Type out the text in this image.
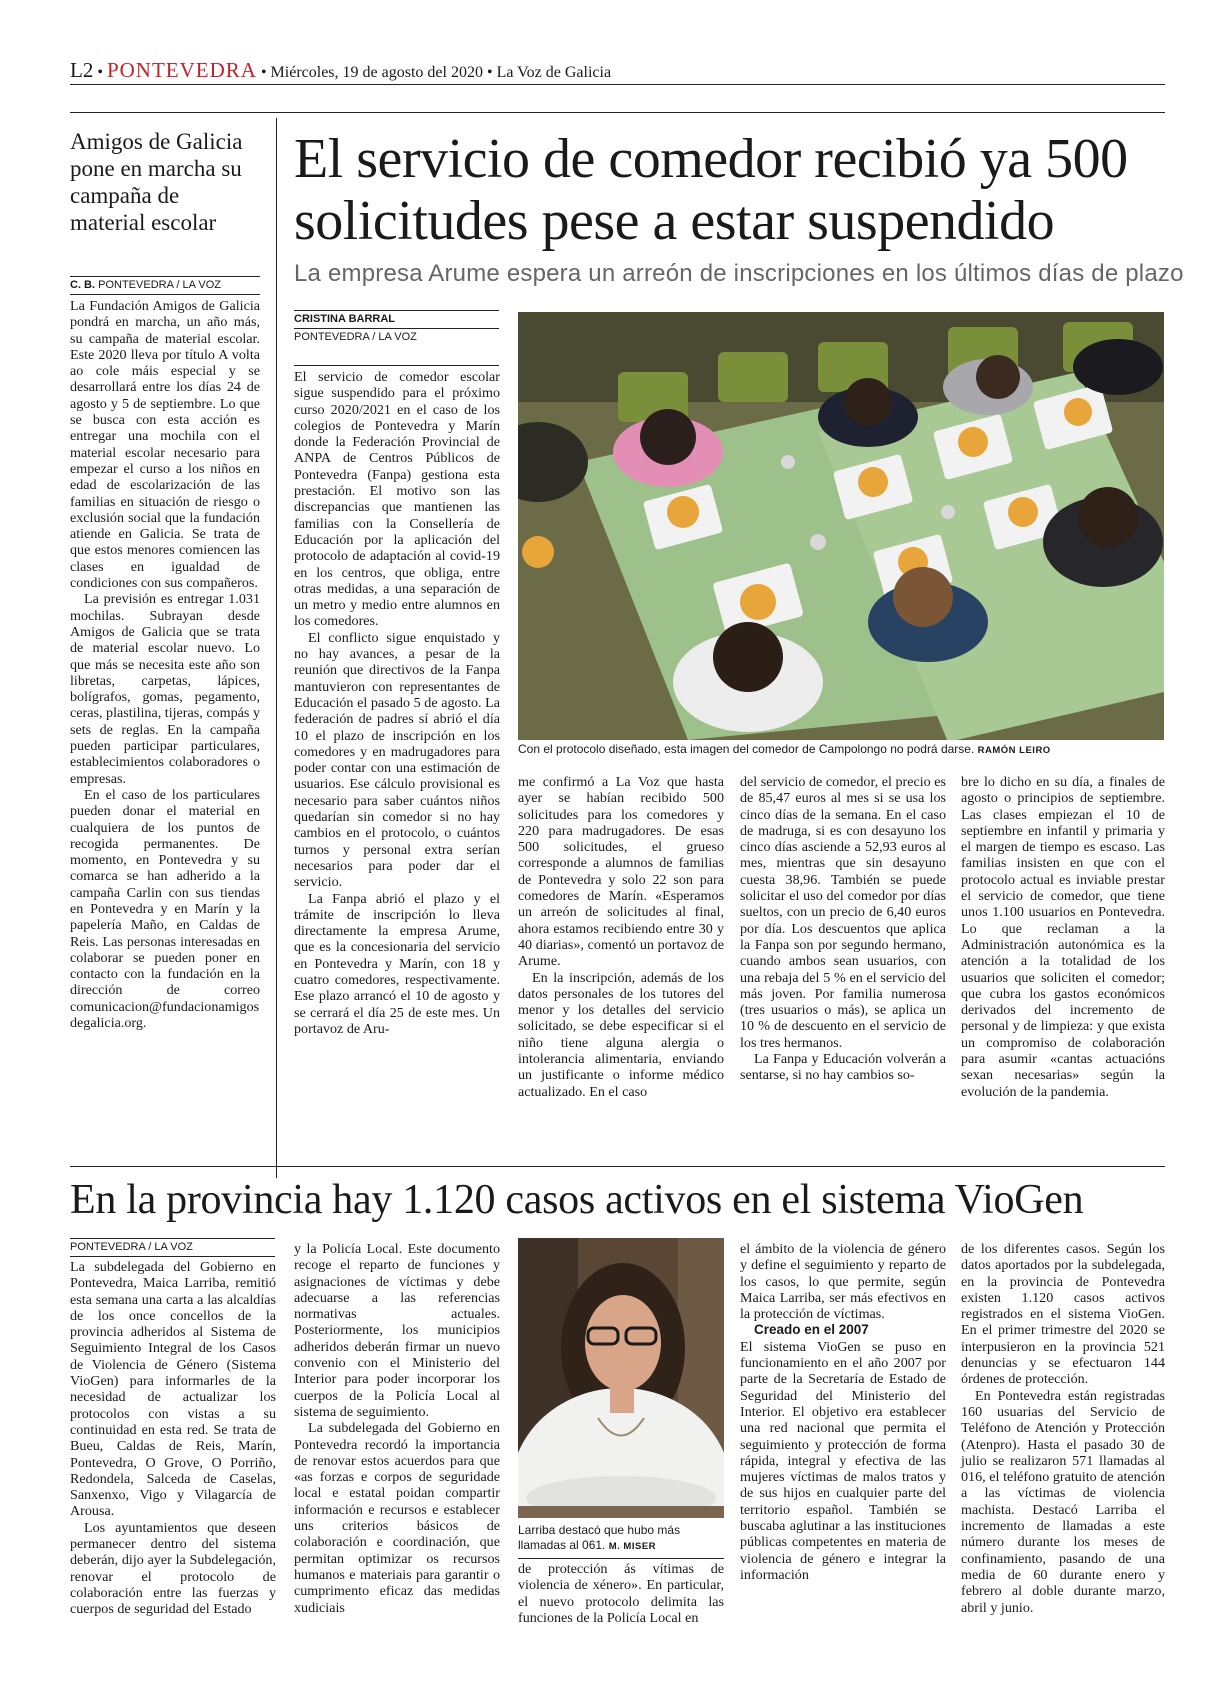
L2 • PONTEVEDRA • Miércoles, 19 de agosto del 2020 • La Voz de Galicia
Amigos de Galicia pone en marcha su campaña de material escolar
C. B. PONTEVEDRA / LA VOZ

La Fundación Amigos de Galicia pondrá en marcha, un año más, su campaña de material escolar. Este 2020 lleva por título A volta ao cole máis especial y se desarrollará entre los días 24 de agosto y 5 de septiembre. Lo que se busca con esta acción es entregar una mochila con el material escolar necesario para empezar el curso a los niños en edad de escolarización de las familias en situación de riesgo o exclusión social que la fundación atiende en Galicia. Se trata de que estos menores comiencen las clases en igualdad de condiciones con sus compañeros.

La previsión es entregar 1.031 mochilas. Subrayan desde Amigos de Galicia que se trata de material escolar nuevo. Lo que más se necesita este año son libretas, carpetas, lápices, bolígrafos, gomas, pegamento, ceras, plastilina, tijeras, compás y sets de reglas. En la campaña pueden participar particulares, establecimientos colaboradores o empresas.

En el caso de los particulares pueden donar el material en cualquiera de los puntos de recogida permanentes. De momento, en Pontevedra y su comarca se han adherido a la campaña Carlin con sus tiendas en Pontevedra y en Marín y la papelería Maño, en Caldas de Reis. Las personas interesadas en colaborar se pueden poner en contacto con la fundación en la dirección de correo comunicacion@fundacionamigosdegalicia.org.

El servicio de comedor recibió ya 500 solicitudes pese a estar suspendido
La empresa Arume espera un arreón de inscripciones en los últimos días de plazo
CRISTINA BARRAL
PONTEVEDRA / LA VOZ

El servicio de comedor escolar sigue suspendido para el próximo curso 2020/2021 en el caso de los colegios de Pontevedra y Marín donde la Federación Provincial de ANPA de Centros Públicos de Pontevedra (Fanpa) gestiona esta prestación. El motivo son las discrepancias que mantienen las familias con la Consellería de Educación por la aplicación del protocolo de adaptación al covid-19 en los centros, que obliga, entre otras medidas, a una separación de un metro y medio entre alumnos en los comedores.

El conflicto sigue enquistado y no hay avances, a pesar de la reunión que directivos de la Fanpa mantuvieron con representantes de Educación el pasado 5 de agosto. La federación de padres sí abrió el día 10 el plazo de inscripción en los comedores y en madrugadores para poder contar con una estimación de usuarios. Ese cálculo provisional es necesario para saber cuántos niños quedarían sin comedor si no hay cambios en el protocolo, o cuántos turnos y personal extra serían necesarios para poder dar el servicio.

La Fanpa abrió el plazo y el trámite de inscripción lo lleva directamente la empresa Arume, que es la concesionaria del servicio en Pontevedra y Marín, con 18 y cuatro comedores, respectivamente. Ese plazo arrancó el 10 de agosto y se cerrará el día 25 de este mes. Un portavoz de Aru-

Con el protocolo diseñado, esta imagen del comedor de Campolongo no podrá darse. RAMÓN LEIRO

me confirmó a La Voz que hasta ayer se habían recibido 500 solicitudes para los comedores y 220 para madrugadores. De esas 500 solicitudes, el grueso corresponde a alumnos de familias de Pontevedra y solo 22 son para comedores de Marín. «Esperamos un arreón de solicitudes al final, ahora estamos recibiendo entre 30 y 40 diarias», comentó un portavoz de Arume.

En la inscripción, además de los datos personales de los tutores del menor y los detalles del servicio solicitado, se debe especificar si el niño tiene alguna alergia o intolerancia alimentaria, enviando un justificante o informe médico actualizado. En el caso

del servicio de comedor, el precio es de 85,47 euros al mes si se usa los cinco días de la semana. En el caso de madruga, si es con desayuno los cinco días asciende a 52,93 euros al mes, mientras que sin desayuno cuesta 38,96. También se puede solicitar el uso del comedor por días sueltos, con un precio de 6,40 euros por día. Los descuentos que aplica la Fanpa son por segundo hermano, cuando ambos sean usuarios, con una rebaja del 5 % en el servicio del más joven. Por familia numerosa (tres usuarios o más), se aplica un 10 % de descuento en el servicio de los tres hermanos.

La Fanpa y Educación volverán a sentarse, si no hay cambios so-

bre lo dicho en su día, a finales de agosto o principios de septiembre. Las clases empiezan el 10 de septiembre en infantil y primaria y el margen de tiempo es escaso. Las familias insisten en que con el protocolo actual es inviable prestar el servicio de comedor, que tiene unos 1.100 usuarios en Pontevedra. Lo que reclaman a la Administración autonómica es la atención a la totalidad de los usuarios que soliciten el comedor; que cubra los gastos económicos derivados del incremento de personal y de limpieza: y que exista un compromiso de colaboración para asumir «cantas actuacións sexan necesarias» según la evolución de la pandemia.

En la provincia hay 1.120 casos activos en el sistema VioGen
PONTEVEDRA / LA VOZ

La subdelegada del Gobierno en Pontevedra, Maica Larriba, remitió esta semana una carta a las alcaldías de los once concellos de la provincia adheridos al Sistema de Seguimiento Integral de los Casos de Violencia de Género (Sistema VioGen) para informarles de la necesidad de actualizar los protocolos con vistas a su continuidad en esta red. Se trata de Bueu, Caldas de Reis, Marín, Pontevedra, O Grove, O Porriño, Redondela, Salceda de Caselas, Sanxenxo, Vigo y Vilagarcía de Arousa.

Los ayuntamientos que deseen permanecer dentro del sistema deberán, dijo ayer la Subdelegación, renovar el protocolo de colaboración entre las fuerzas y cuerpos de seguridad del Estado

y la Policía Local. Este documento recoge el reparto de funciones y asignaciones de víctimas y debe adecuarse a las referencias normativas actuales. Posteriormente, los municipios adheridos deberán firmar un nuevo convenio con el Ministerio del Interior para poder incorporar los cuerpos de la Policía Local al sistema de seguimiento.

La subdelegada del Gobierno en Pontevedra recordó la importancia de renovar estos acuerdos para que «as forzas e corpos de seguridade local e estatal poidan compartir información e recursos e establecer uns criterios básicos de colaboración e coordinación, que permitan optimizar os recursos humanos e materiais para garantir o cumprimento eficaz das medidas xudiciais

Larriba destacó que hubo más llamadas al 061. M. MISER

de protección ás vítimas de violencia de xénero». En particular, el nuevo protocolo delimita las funciones de la Policía Local en

el ámbito de la violencia de género y define el seguimiento y reparto de los casos, lo que permite, según Maica Larriba, ser más efectivos en la protección de víctimas.

Creado en el 2007

El sistema VioGen se puso en funcionamiento en el año 2007 por parte de la Secretaría de Estado de Seguridad del Ministerio del Interior. El objetivo era establecer una red nacional que permita el seguimiento y protección de forma rápida, integral y efectiva de las mujeres víctimas de malos tratos y de sus hijos en cualquier parte del territorio español. También se buscaba aglutinar a las instituciones públicas competentes en materia de violencia de género e integrar la información

de los diferentes casos. Según los datos aportados por la subdelegada, en la provincia de Pontevedra existen 1.120 casos activos registrados en el sistema VioGen. En el primer trimestre del 2020 se interpusieron en la provincia 521 denuncias y se efectuaron 144 órdenes de protección.

En Pontevedra están registradas 160 usuarias del Servicio de Teléfono de Atención y Protección (Atenpro). Hasta el pasado 30 de julio se realizaron 571 llamadas al 016, el teléfono gratuito de atención a las víctimas de violencia machista. Destacó Larriba el incremento de llamadas a este número durante los meses de confinamiento, pasando de una media de 60 durante enero y febrero al doble durante marzo, abril y junio.
